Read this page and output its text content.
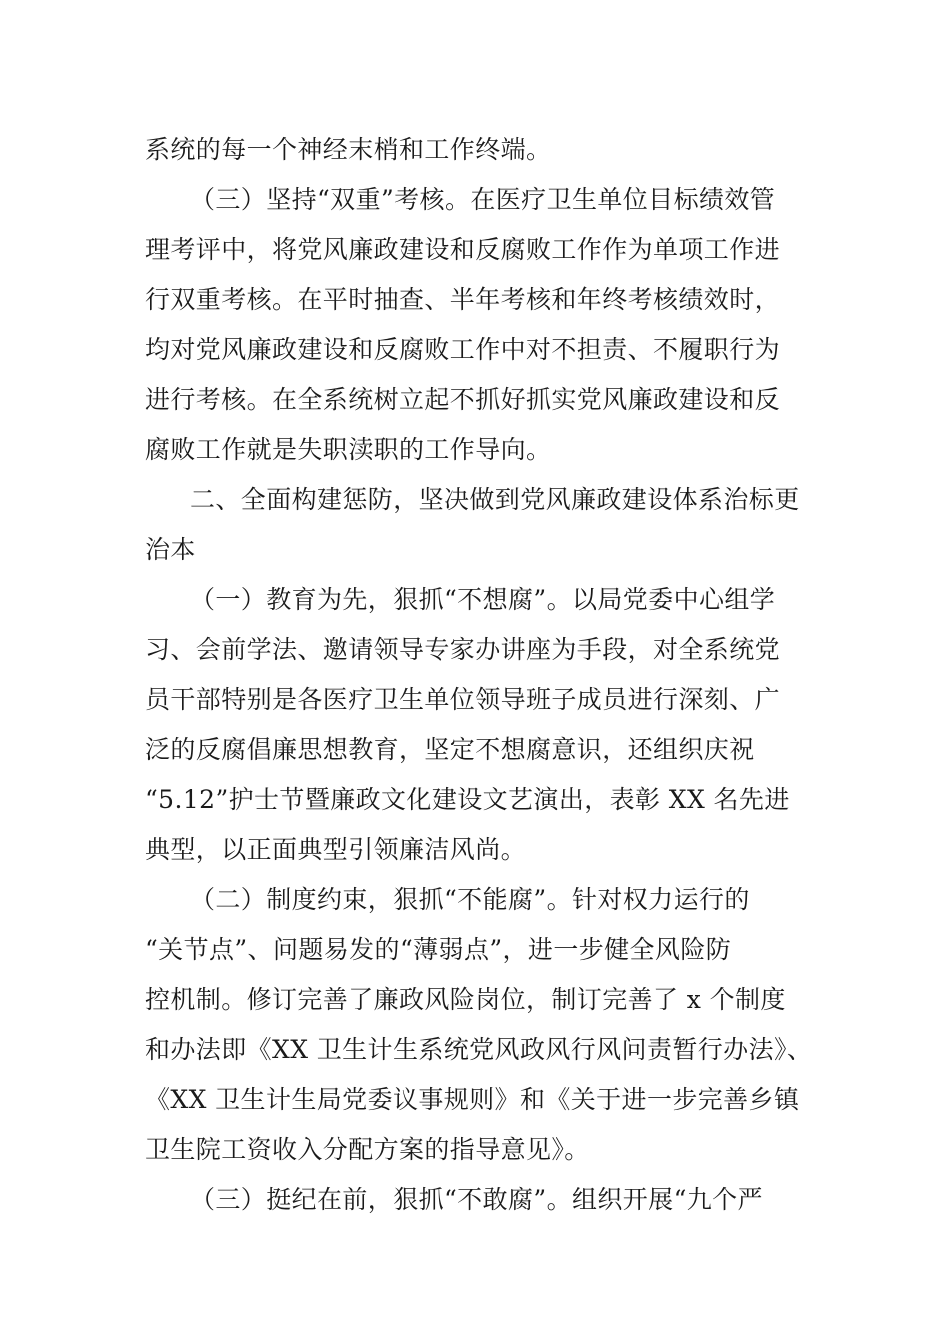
系统的每一个神经末梢和工作终端。
（三）坚持“双重”考核。在医疗卫生单位目标绩效管
理考评中，将党风廉政建设和反腐败工作作为单项工作进
行双重考核。在平时抽查、半年考核和年终考核绩效时，
均对党风廉政建设和反腐败工作中对不担责、不履职行为
进行考核。在全系统树立起不抓好抓实党风廉政建设和反
腐败工作就是失职渎职的工作导向。
二、全面构建惩防，坚决做到党风廉政建设体系治标更
治本
（一）教育为先，狠抓“不想腐”。以局党委中心组学
习、会前学法、邀请领导专家办讲座为手段，对全系统党
员干部特别是各医疗卫生单位领导班子成员进行深刻、广
泛的反腐倡廉思想教育，坚定不想腐意识，还组织庆祝
“5.12”护士节暨廉政文化建设文艺演出，表彰 XX 名先进
典型，以正面典型引领廉洁风尚。
（二）制度约束，狠抓“不能腐”。针对权力运行的
“关节点”、问题易发的“薄弱点”，进一步健全风险防
控机制。修订完善了廉政风险岗位，制订完善了 x 个制度
和办法即《XX 卫生计生系统党风政风行风问责暂行办法》、
《XX 卫生计生局党委议事规则》和《关于进一步完善乡镇
卫生院工资收入分配方案的指导意见》。
（三）挺纪在前，狠抓“不敢腐”。组织开展“九个严
